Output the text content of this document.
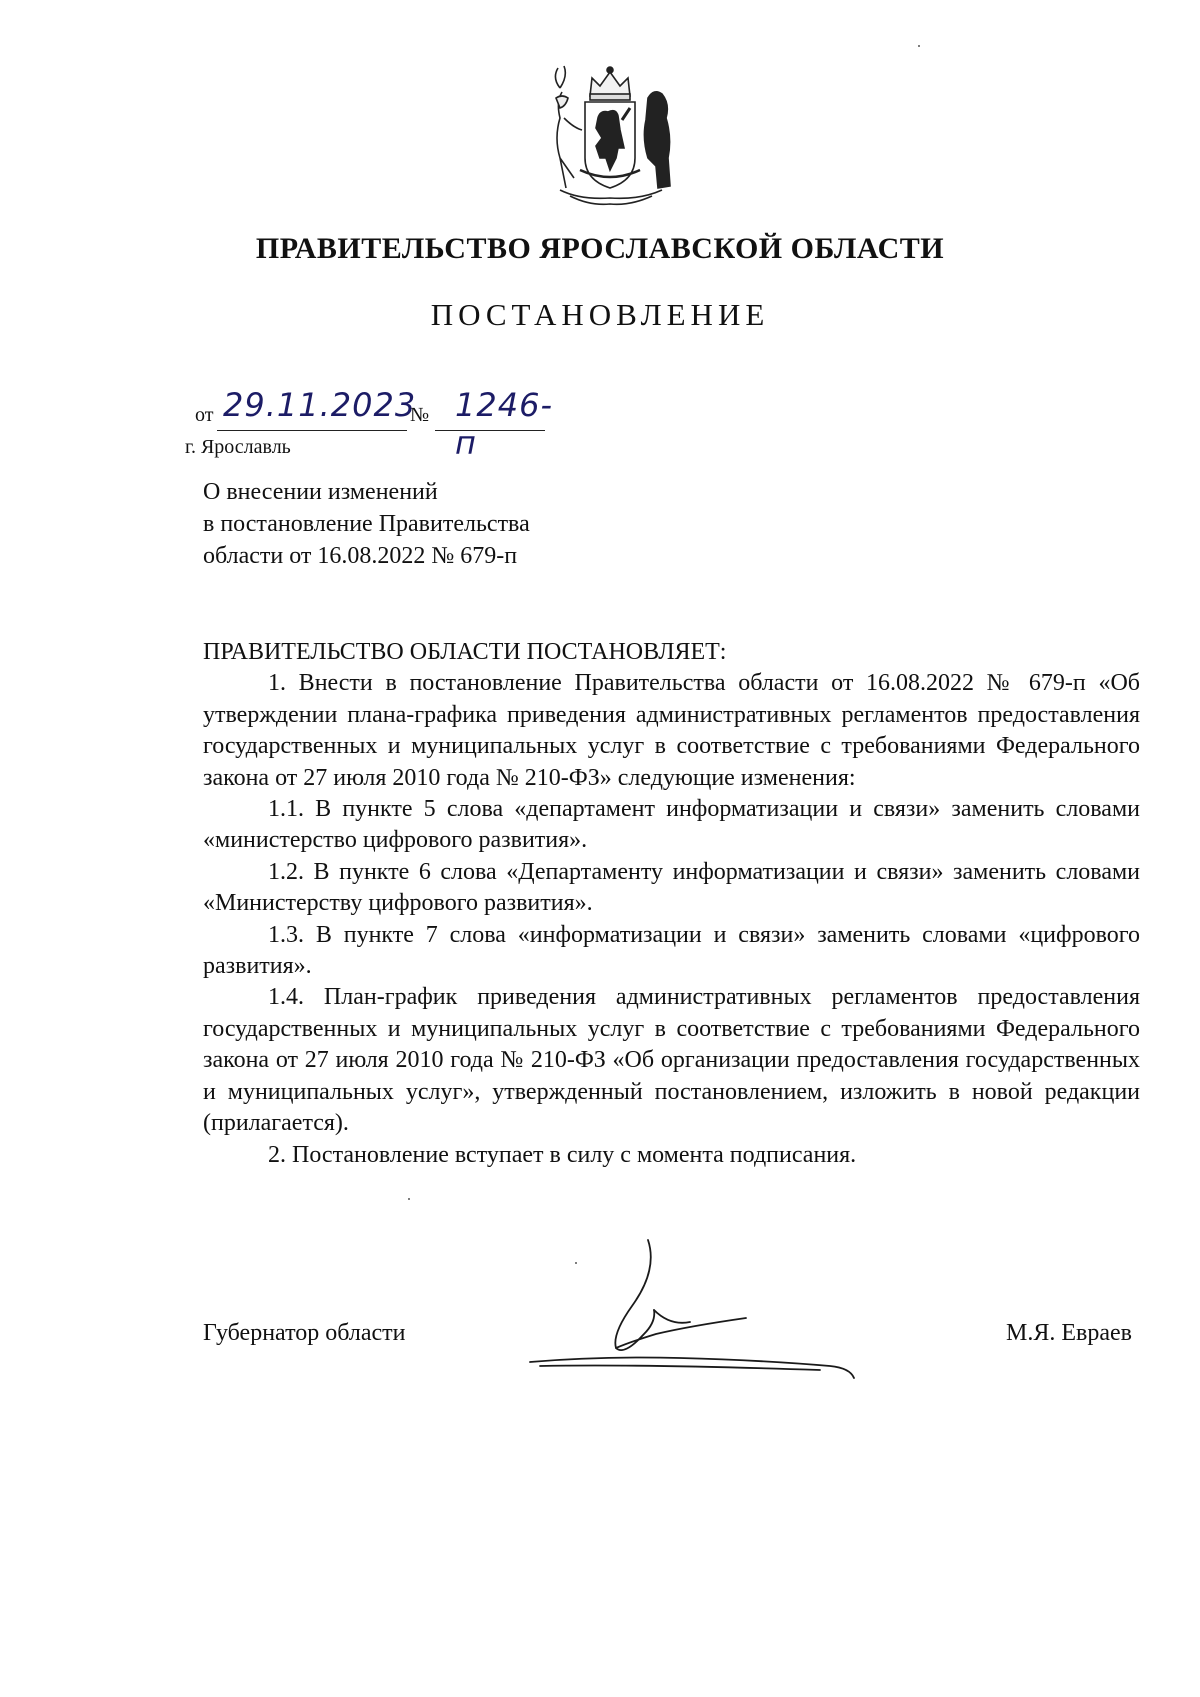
ПРАВИТЕЛЬСТВО ЯРОСЛАВСКОЙ ОБЛАСТИ
ПОСТАНОВЛЕНИЕ
от 29.11.2023
№ 1246-п
г. Ярославль
О внесении изменений
в постановление Правительства
области от 16.08.2022 № 679-п

ПРАВИТЕЛЬСТВО ОБЛАСТИ ПОСТАНОВЛЯЕТ:

1. Внести в постановление Правительства области от 16.08.2022 № 679-п «Об утверждении плана-графика приведения административных регламентов предоставления государственных и муниципальных услуг в соответствие с требованиями Федерального закона от 27 июля 2010 года № 210-ФЗ» следующие изменения:

1.1. В пункте 5 слова «департамент информатизации и связи» заменить словами «министерство цифрового развития».

1.2. В пункте 6 слова «Департаменту информатизации и связи» заменить словами «Министерству цифрового развития».

1.3. В пункте 7 слова «информатизации и связи» заменить словами «цифрового развития».

1.4. План-график приведения административных регламентов предоставления государственных и муниципальных услуг в соответствие с требованиями Федерального закона от 27 июля 2010 года № 210-ФЗ «Об организации предоставления государственных и муниципальных услуг», утвержденный постановлением, изложить в новой редакции (прилагается).

2. Постановление вступает в силу с момента подписания.

Губернатор области	М.Я. Евраев
